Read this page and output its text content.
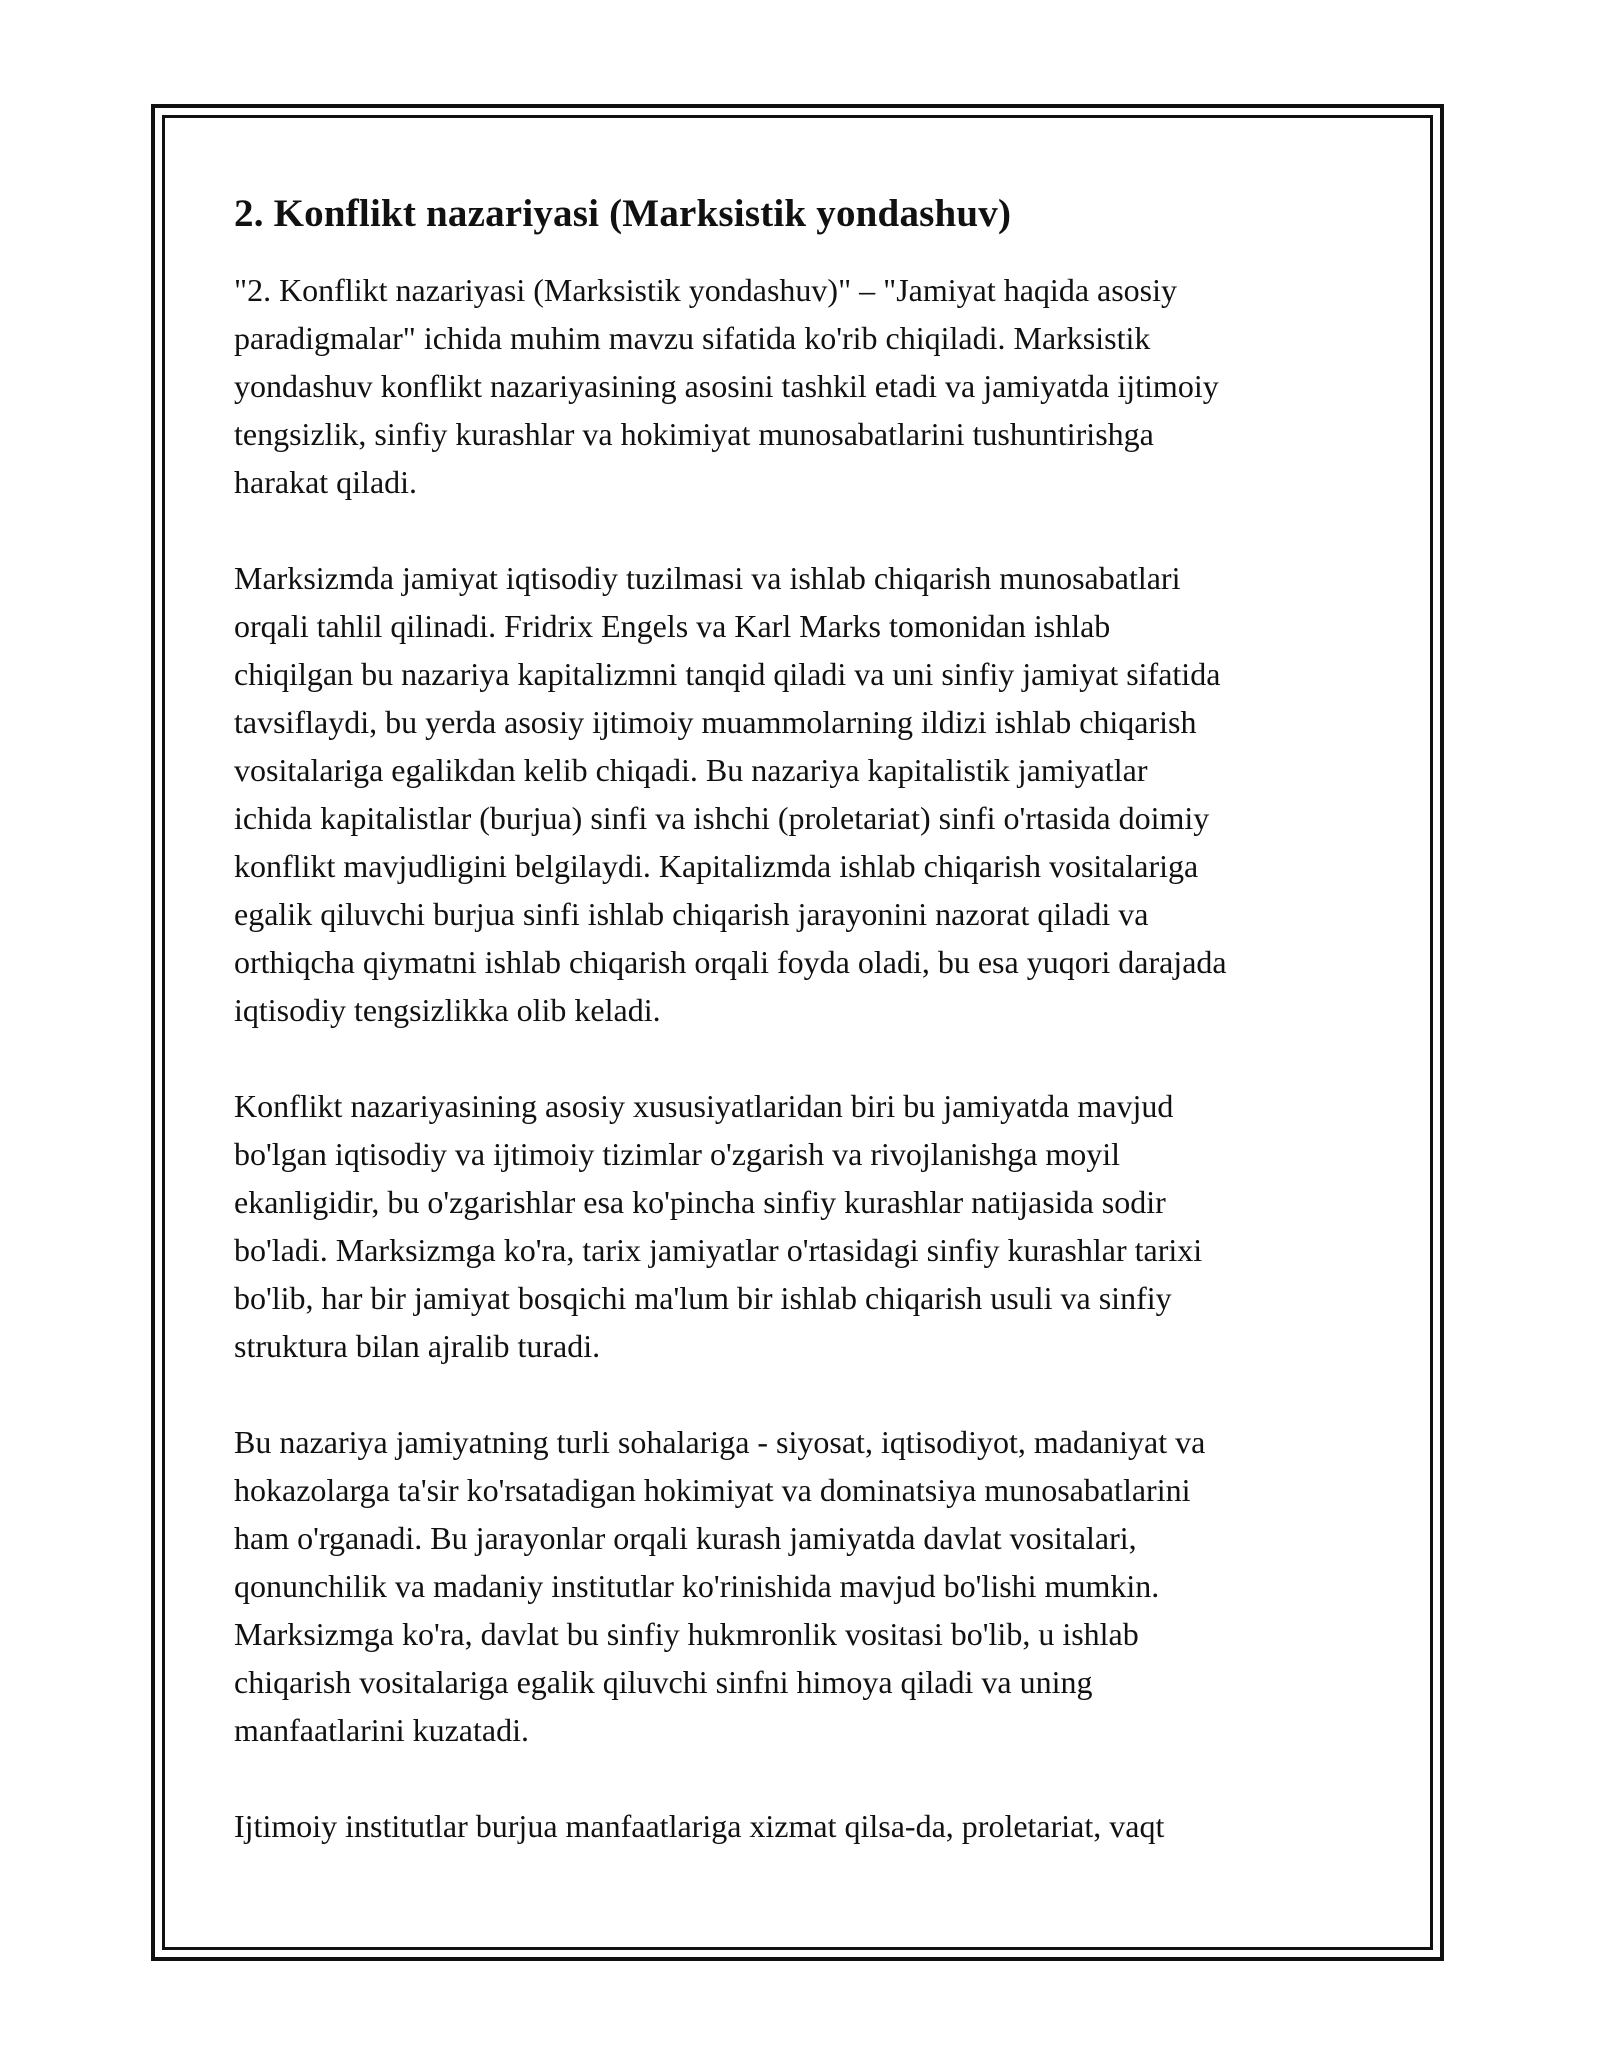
2. Konflikt nazariyasi (Marksistik yondashuv)

"2. Konflikt nazariyasi (Marksistik yondashuv)" – "Jamiyat haqida asosiy
paradigmalar" ichida muhim mavzu sifatida ko'rib chiqiladi. Marksistik
yondashuv konflikt nazariyasining asosini tashkil etadi va jamiyatda ijtimoiy
tengsizlik, sinfiy kurashlar va hokimiyat munosabatlarini tushuntirishga
harakat qiladi.

Marksizmda jamiyat iqtisodiy tuzilmasi va ishlab chiqarish munosabatlari
orqali tahlil qilinadi. Fridrix Engels va Karl Marks tomonidan ishlab
chiqilgan bu nazariya kapitalizmni tanqid qiladi va uni sinfiy jamiyat sifatida
tavsiflaydi, bu yerda asosiy ijtimoiy muammolarning ildizi ishlab chiqarish
vositalariga egalikdan kelib chiqadi. Bu nazariya kapitalistik jamiyatlar
ichida kapitalistlar (burjua) sinfi va ishchi (proletariat) sinfi o'rtasida doimiy
konflikt mavjudligini belgilaydi. Kapitalizmda ishlab chiqarish vositalariga
egalik qiluvchi burjua sinfi ishlab chiqarish jarayonini nazorat qiladi va
orthiqcha qiymatni ishlab chiqarish orqali foyda oladi, bu esa yuqori darajada
iqtisodiy tengsizlikka olib keladi.

Konflikt nazariyasining asosiy xususiyatlaridan biri bu jamiyatda mavjud
bo'lgan iqtisodiy va ijtimoiy tizimlar o'zgarish va rivojlanishga moyil
ekanligidir, bu o'zgarishlar esa ko'pincha sinfiy kurashlar natijasida sodir
bo'ladi. Marksizmga ko'ra, tarix jamiyatlar o'rtasidagi sinfiy kurashlar tarixi
bo'lib, har bir jamiyat bosqichi ma'lum bir ishlab chiqarish usuli va sinfiy
struktura bilan ajralib turadi.

Bu nazariya jamiyatning turli sohalariga - siyosat, iqtisodiyot, madaniyat va
hokazolarga ta'sir ko'rsatadigan hokimiyat va dominatsiya munosabatlarini
ham o'rganadi. Bu jarayonlar orqali kurash jamiyatda davlat vositalari,
qonunchilik va madaniy institutlar ko'rinishida mavjud bo'lishi mumkin.
Marksizmga ko'ra, davlat bu sinfiy hukmronlik vositasi bo'lib, u ishlab
chiqarish vositalariga egalik qiluvchi sinfni himoya qiladi va uning
manfaatlarini kuzatadi.

Ijtimoiy institutlar burjua manfaatlariga xizmat qilsa-da, proletariat, vaqt
